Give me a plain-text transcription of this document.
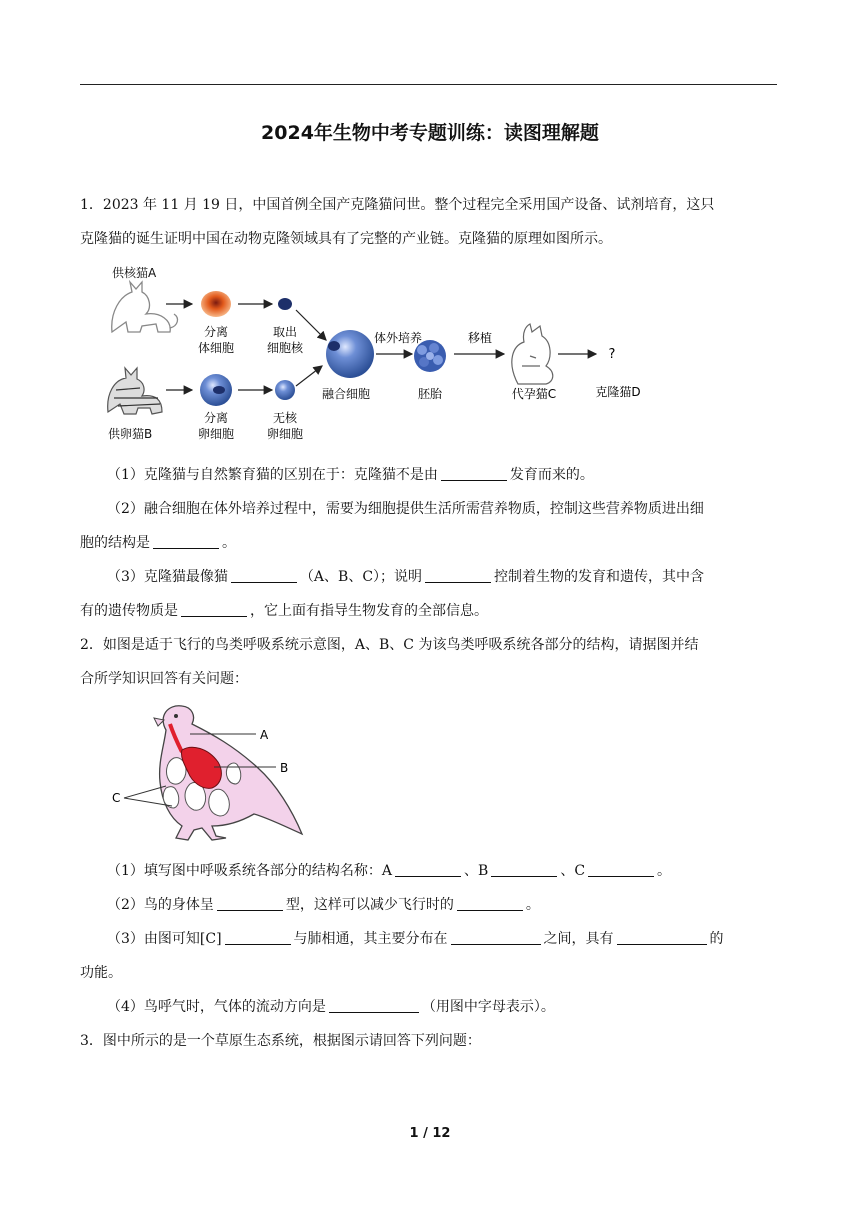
2024年生物中考专题训练：读图理解题
1．2023 年 11 月 19 日，中国首例全国产克隆猫问世。整个过程完全采用国产设备、试剂培育，这只
克隆猫的诞生证明中国在动物克隆领域具有了完整的产业链。克隆猫的原理如图所示。
供核猫A
分离
体细胞
取出
细胞核
供卵猫B
分离
卵细胞
无核
卵细胞
融合细胞
体外培养
胚胎
移植
代孕猫C
?
克隆猫D
（1）克隆猫与自然繁育猫的区别在于：克隆猫不是由	发育而来的。
（2）融合细胞在体外培养过程中，需要为细胞提供生活所需营养物质，控制这些营养物质进出细
胞的结构是	。
（3）克隆猫最像猫	（A、B、C）；说明	控制着生物的发育和遗传，其中含
有的遗传物质是	，它上面有指导生物发育的全部信息。
2．如图是适于飞行的鸟类呼吸系统示意图，A、B、C 为该鸟类呼吸系统各部分的结构，请据图并结
合所学知识回答有关问题：
A
B
C
（1）填写图中呼吸系统各部分的结构名称：A	、B	、C	。
（2）鸟的身体呈	型，这样可以减少飞行时的	。
（3）由图可知[C]	与肺相通，其主要分布在	之间，具有	的
功能。
（4）鸟呼气时，气体的流动方向是	（用图中字母表示）。
3．图中所示的是一个草原生态系统，根据图示请回答下列问题：
1 / 12
